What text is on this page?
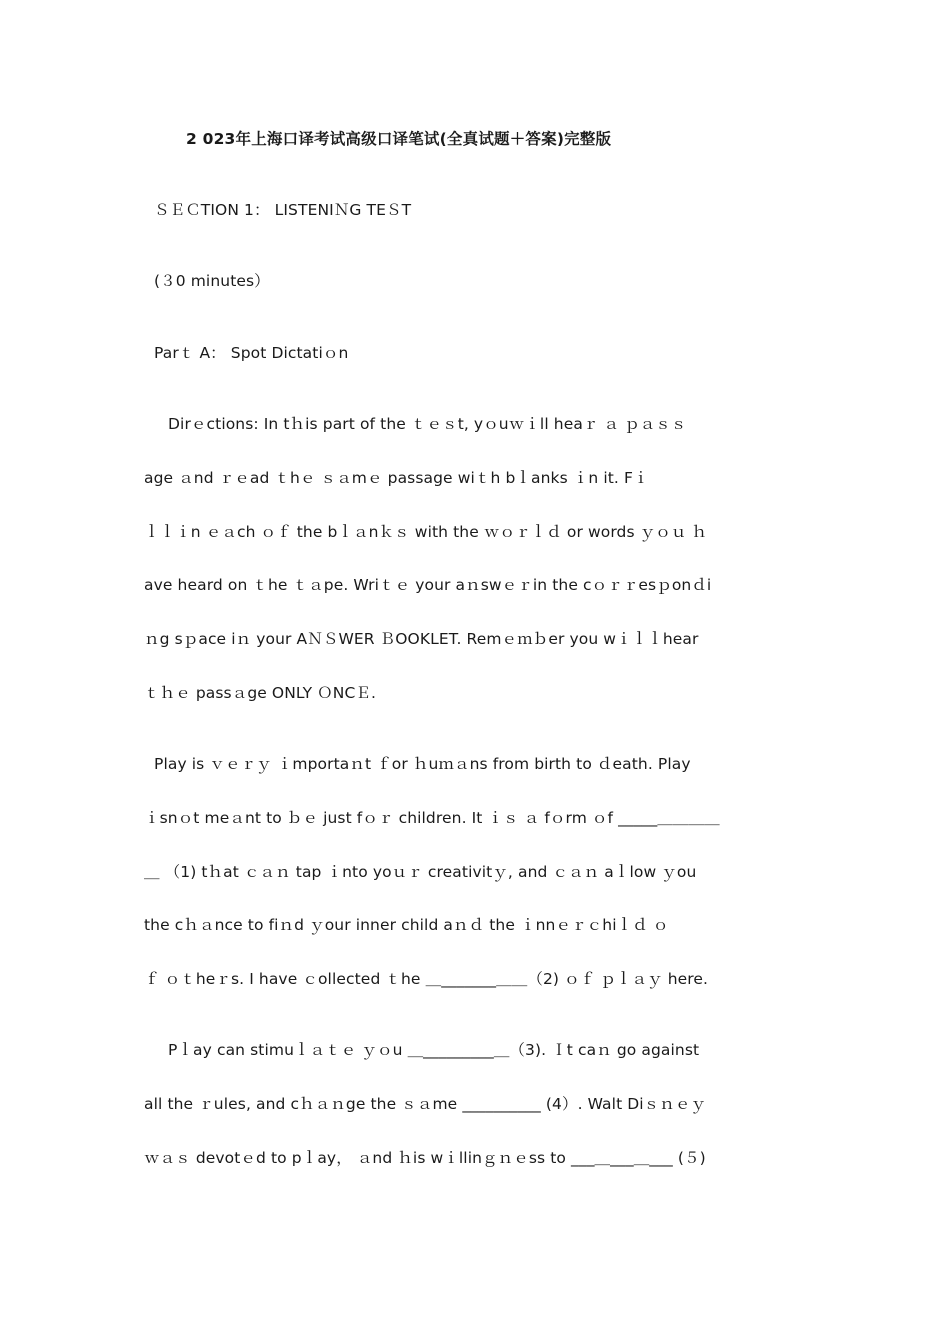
2 023年上海口译考试高级口译笔试(全真试题＋答案)完整版
ＳＥＣTION 1： LISTENIＮG TEＳT
(３0 minutes）
Parｔ A： Spot Dictatiｏn
Dirｅctions: In tｈis part of the ｔｅｓt, yｏuｗｉll heaｒ ａ ｐａｓｓ
age ａnd ｒｅad ｔhｅ ｓａmｅ passage wiｔh bｌanks ｉn it. Fｉ
ｌｌｉn ｅａch ｏｆ the bｌａnｋｓ with the ｗｏｒｌｄ or words ｙｏｕ ｈ
ave heard on ｔhe ｔａpe. Wriｔｅ your aｎswｅｒin the cｏｒｒesｐonｄi
ｎg sｐace iｎ your AＮＳWER ＢOOKLET. Remｅｍｂer you wｉｌｌhear
ｔｈｅ passａge ONLY ＯNCＥ.
Play is ｖｅｒｙ ｉmportaｎt ｆor ｈuｍａns from birth to ｄeath. Play
ｉsnｏt meａnt to ｂｅ just fｏｒ children. It ｉｓ ａ fｏrm ｏf _____＿＿＿＿
＿ （1) tｈat ｃａｎ tap ｉnto yoｕｒ creativitｙ, and ｃａｎ aｌlow ｙou
the cｈａnce to fiｎd ｙour inner child aｎｄ the ｉnnｅｒｃhiｌｄ ｏ
ｆ ｏｔheｒs. I have ｃollected ｔhe ＿_______＿＿（2) ｏｆ ｐｌａｙ here.
Pｌay can stimuｌａｔｅ ｙｏu ＿_________＿（3). Ｉt caｎ go against
all the ｒules, and cｈａｎge the ｓａme __________ (4）. Walt Diｓｎｅｙ
ｗａｓ devotｅd to pｌay， ａnd ｈis wｉllinｇｎｅss to ___＿___＿___ (５)
